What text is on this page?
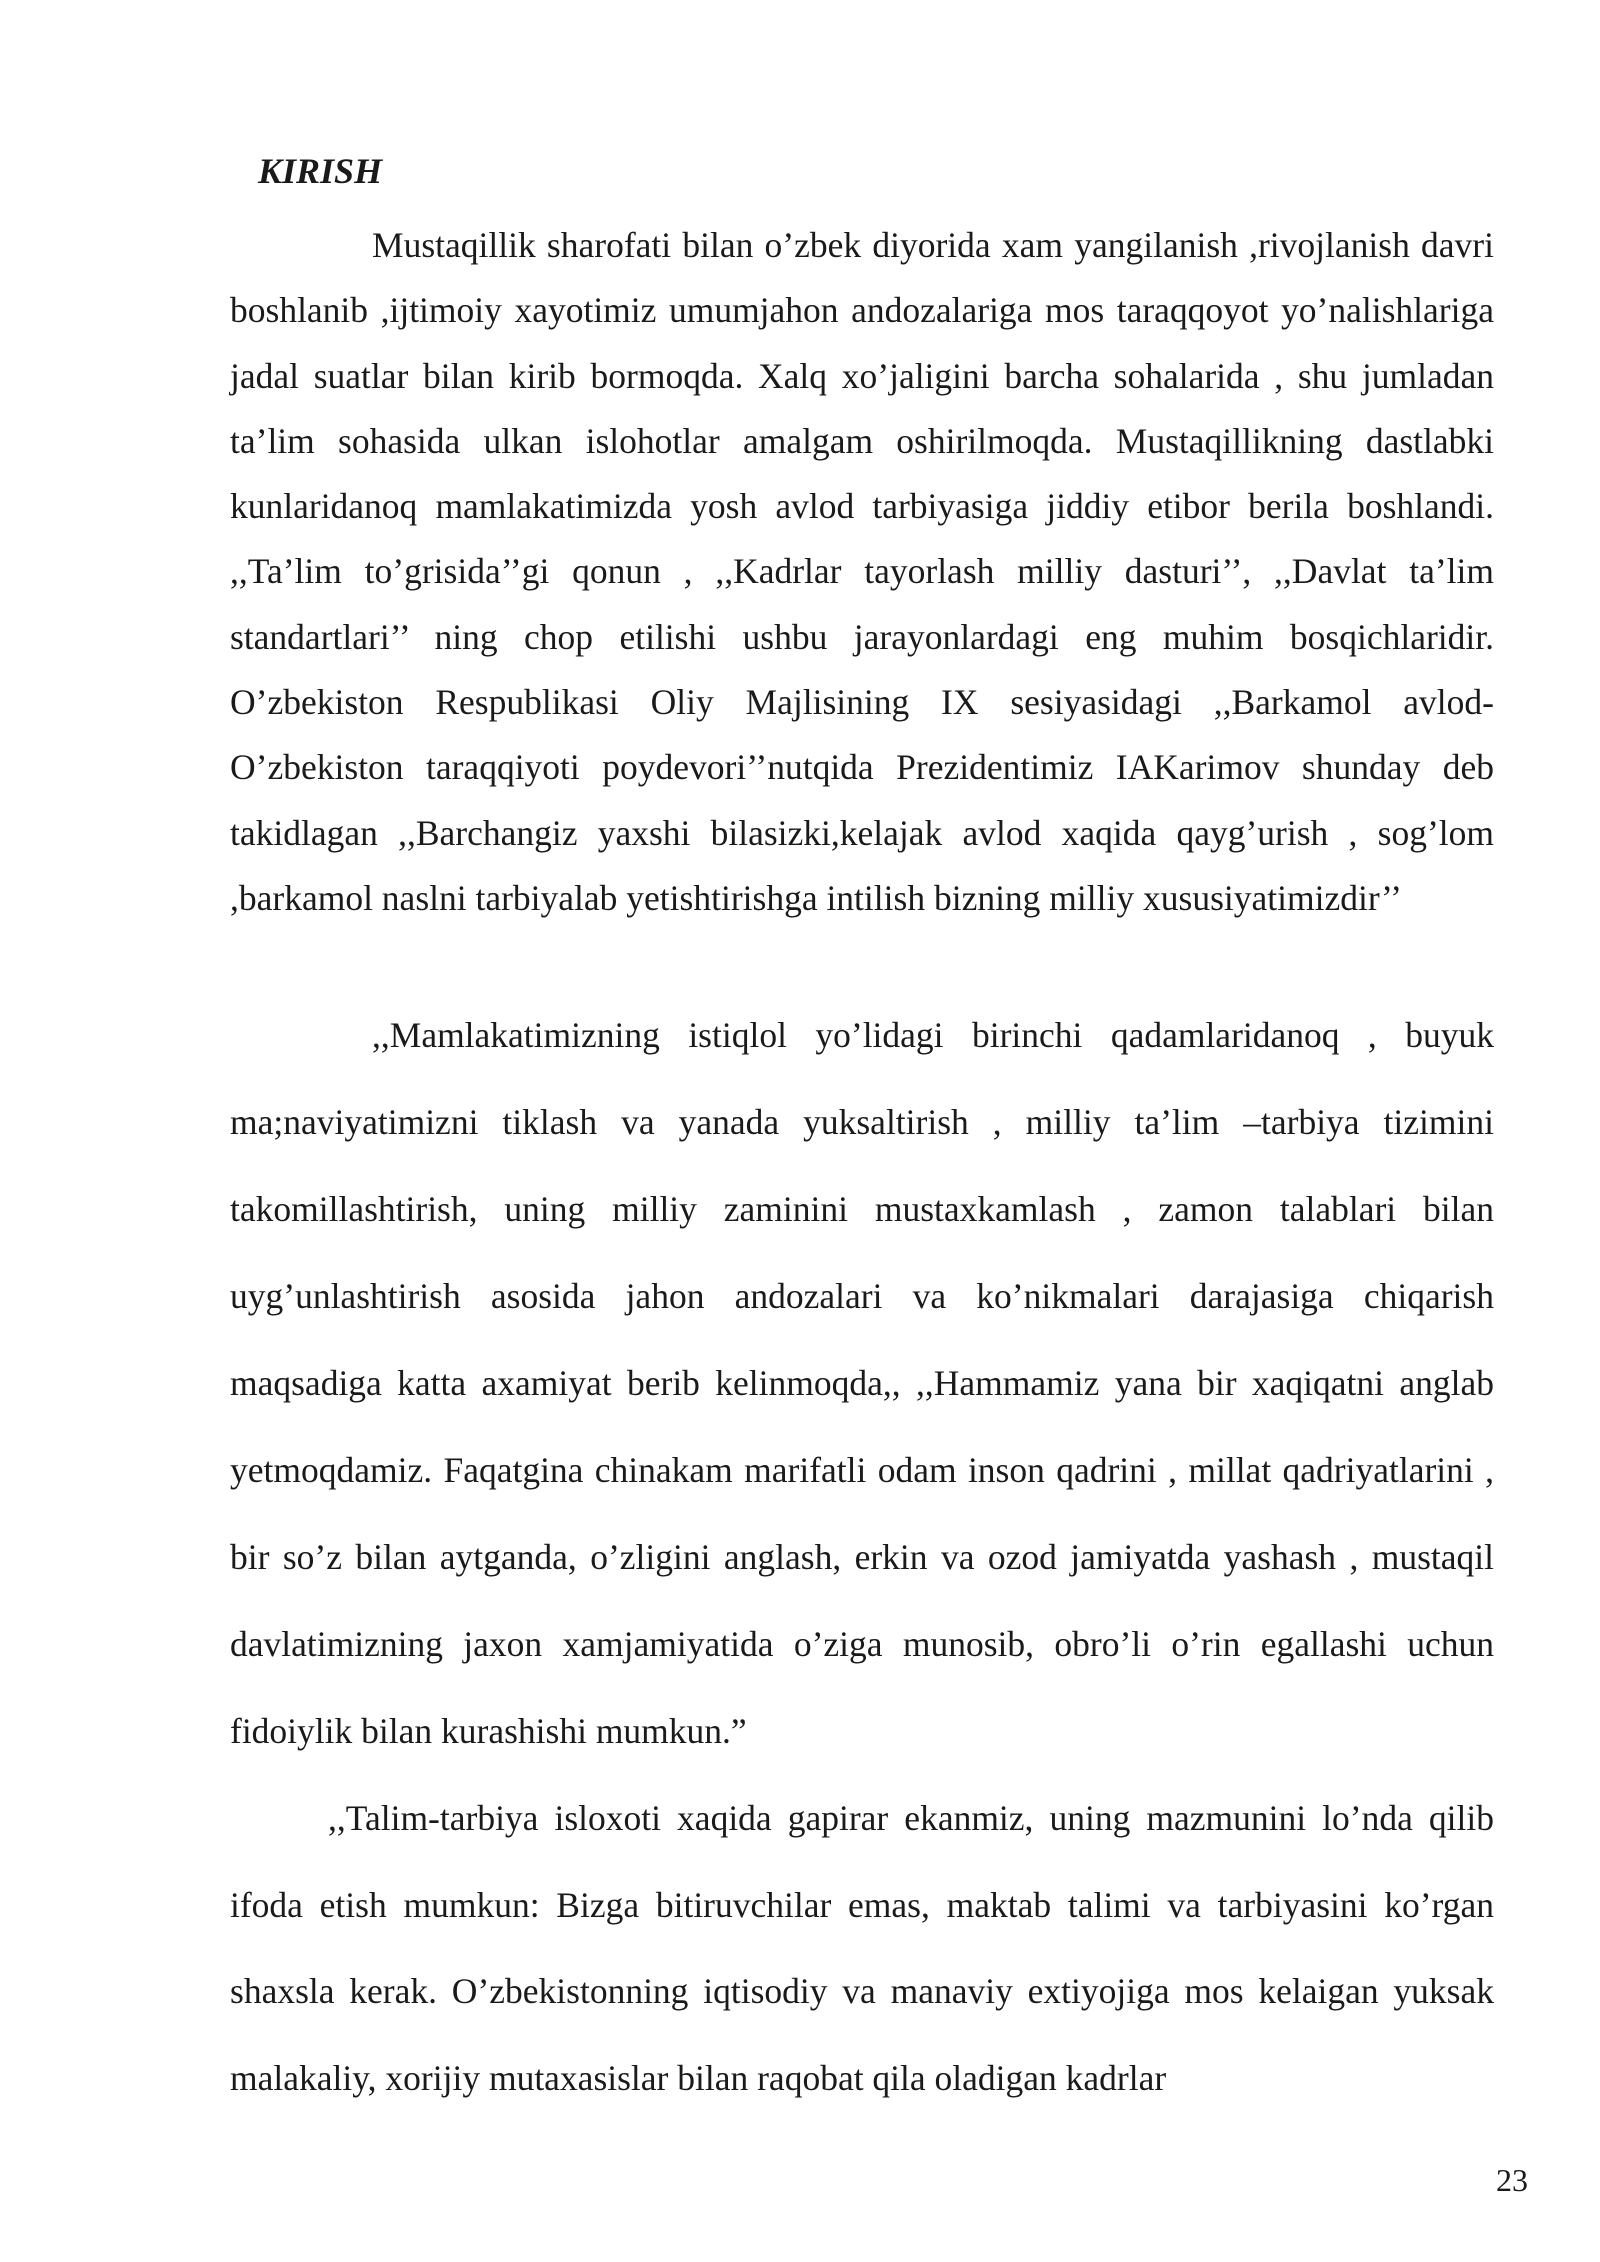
KIRISH

Mustaqillik sharofati bilan o’zbek diyorida xam yangilanish ,rivojlanish davri boshlanib ,ijtimoiy xayotimiz umumjahon andozalariga mos taraqqoyot yo’nalishlariga jadal suatlar bilan kirib bormoqda. Xalq xo’jaligini barcha sohalarida , shu jumladan ta’lim sohasida ulkan islohotlar amalgam oshirilmoqda. Mustaqillikning dastlabki kunlaridanoq mamlakatimizda yosh avlod tarbiyasiga jiddiy etibor berila boshlandi. ,,Ta’lim to’grisida’’gi qonun , ,,Kadrlar tayorlash milliy dasturi’’, ,,Davlat ta’lim standartlari’’ ning chop etilishi ushbu jarayonlardagi eng muhim bosqichlaridir. O’zbekiston Respublikasi Oliy Majlisining IX sesiyasidagi ,,Barkamol avlod- O’zbekiston taraqqiyoti poydevori’’nutqida Prezidentimiz IAKarimov shunday deb takidlagan ,,Barchangiz yaxshi bilasizki,kelajak avlod xaqida qayg’urish , sog’lom ,barkamol naslni tarbiyalab yetishtirishga intilish bizning milliy xususiyatimizdir’’

,,Mamlakatimizning istiqlol yo’lidagi birinchi qadamlaridanoq , buyuk ma;naviyatimizni tiklash va yanada yuksaltirish , milliy ta’lim –tarbiya tizimini takomillashtirish, uning milliy zaminini mustaxkamlash , zamon talablari bilan uyg’unlashtirish asosida jahon andozalari va ko’nikmalari darajasiga chiqarish maqsadiga katta axamiyat berib kelinmoqda,, ,,Hammamiz yana bir xaqiqatni anglab yetmoqdamiz. Faqatgina chinakam marifatli odam inson qadrini , millat qadriyatlarini , bir so’z bilan aytganda, o’zligini anglash, erkin va ozod jamiyatda yashash , mustaqil davlatimizning jaxon xamjamiyatida o’ziga munosib, obro’li o’rin egallashi uchun fidoiylik bilan kurashishi mumkun.”

,,Talim-tarbiya isloxoti xaqida gapirar ekanmiz, uning mazmunini lo’nda qilib ifoda etish mumkun: Bizga bitiruvchilar emas, maktab talimi va tarbiyasini ko’rgan shaxsla kerak. O’zbekistonning iqtisodiy va manaviy extiyojiga mos kelaigan yuksak malakaliy, xorijiy mutaxasislar bilan raqobat qila oladigan kadrlar

23
